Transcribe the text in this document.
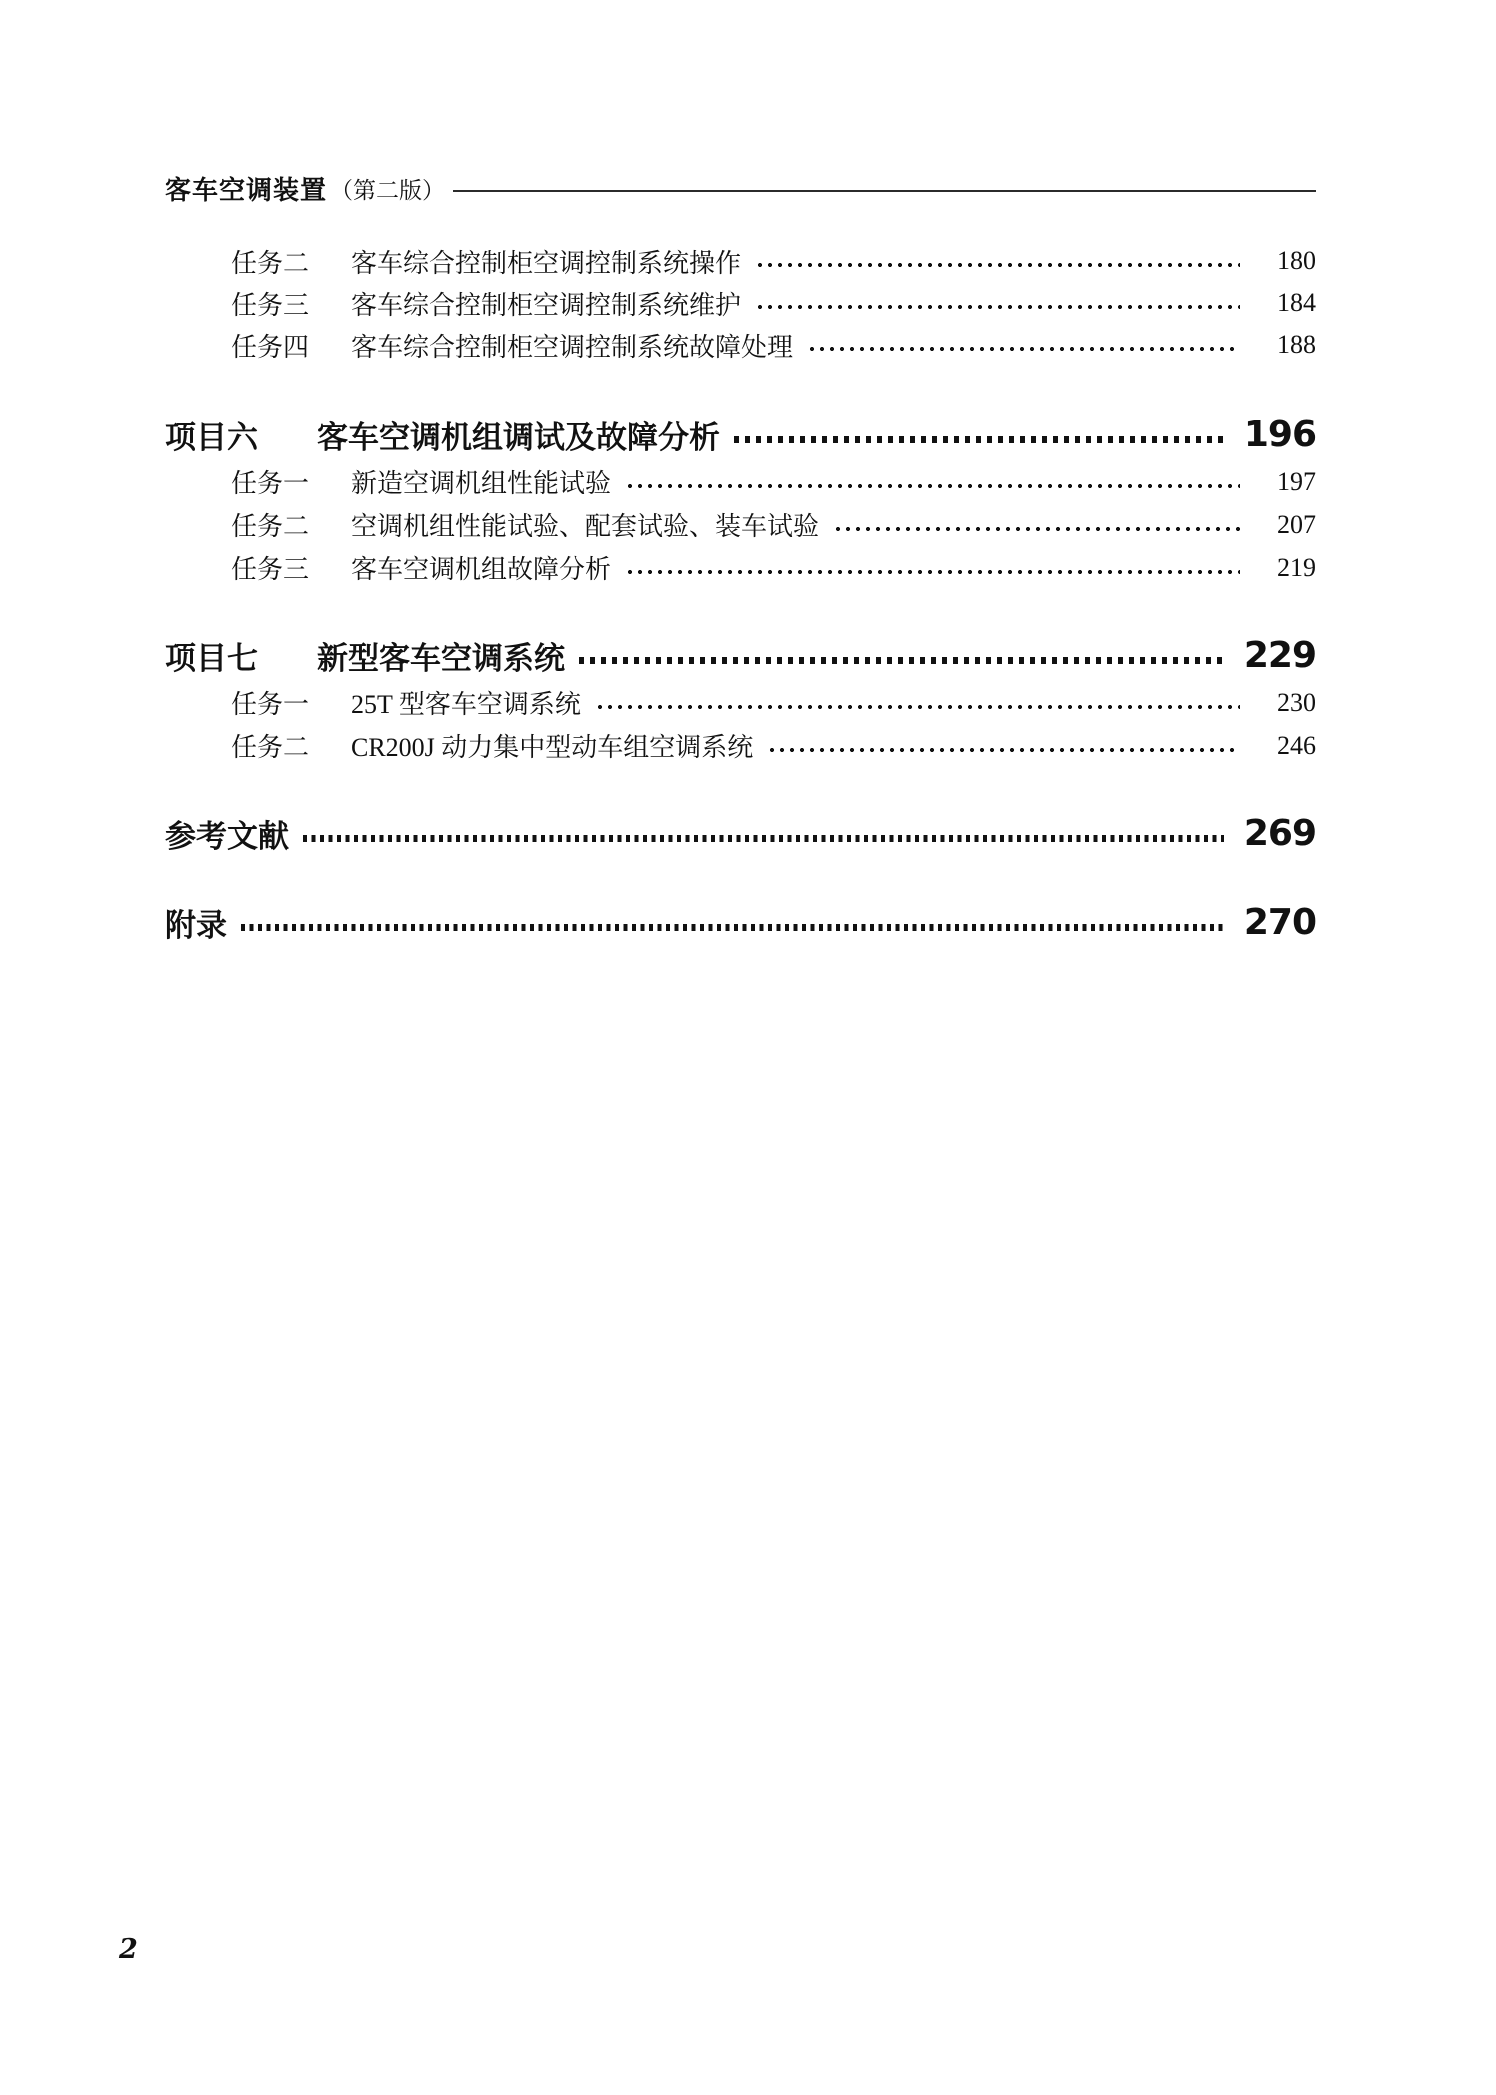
客车空调装置 （第二版）
任务二	客车综合控制柜空调控制系统操作	180
任务三	客车综合控制柜空调控制系统维护	184
任务四	客车综合控制柜空调控制系统故障处理	188
项目六	客车空调机组调试及故障分析	196
任务一	新造空调机组性能试验	197
任务二	空调机组性能试验、配套试验、装车试验	207
任务三	客车空调机组故障分析	219
项目七	新型客车空调系统	229
任务一	25T 型客车空调系统	230
任务二	CR200J 动力集中型动车组空调系统	246
参考文献	269
附录	270
2
